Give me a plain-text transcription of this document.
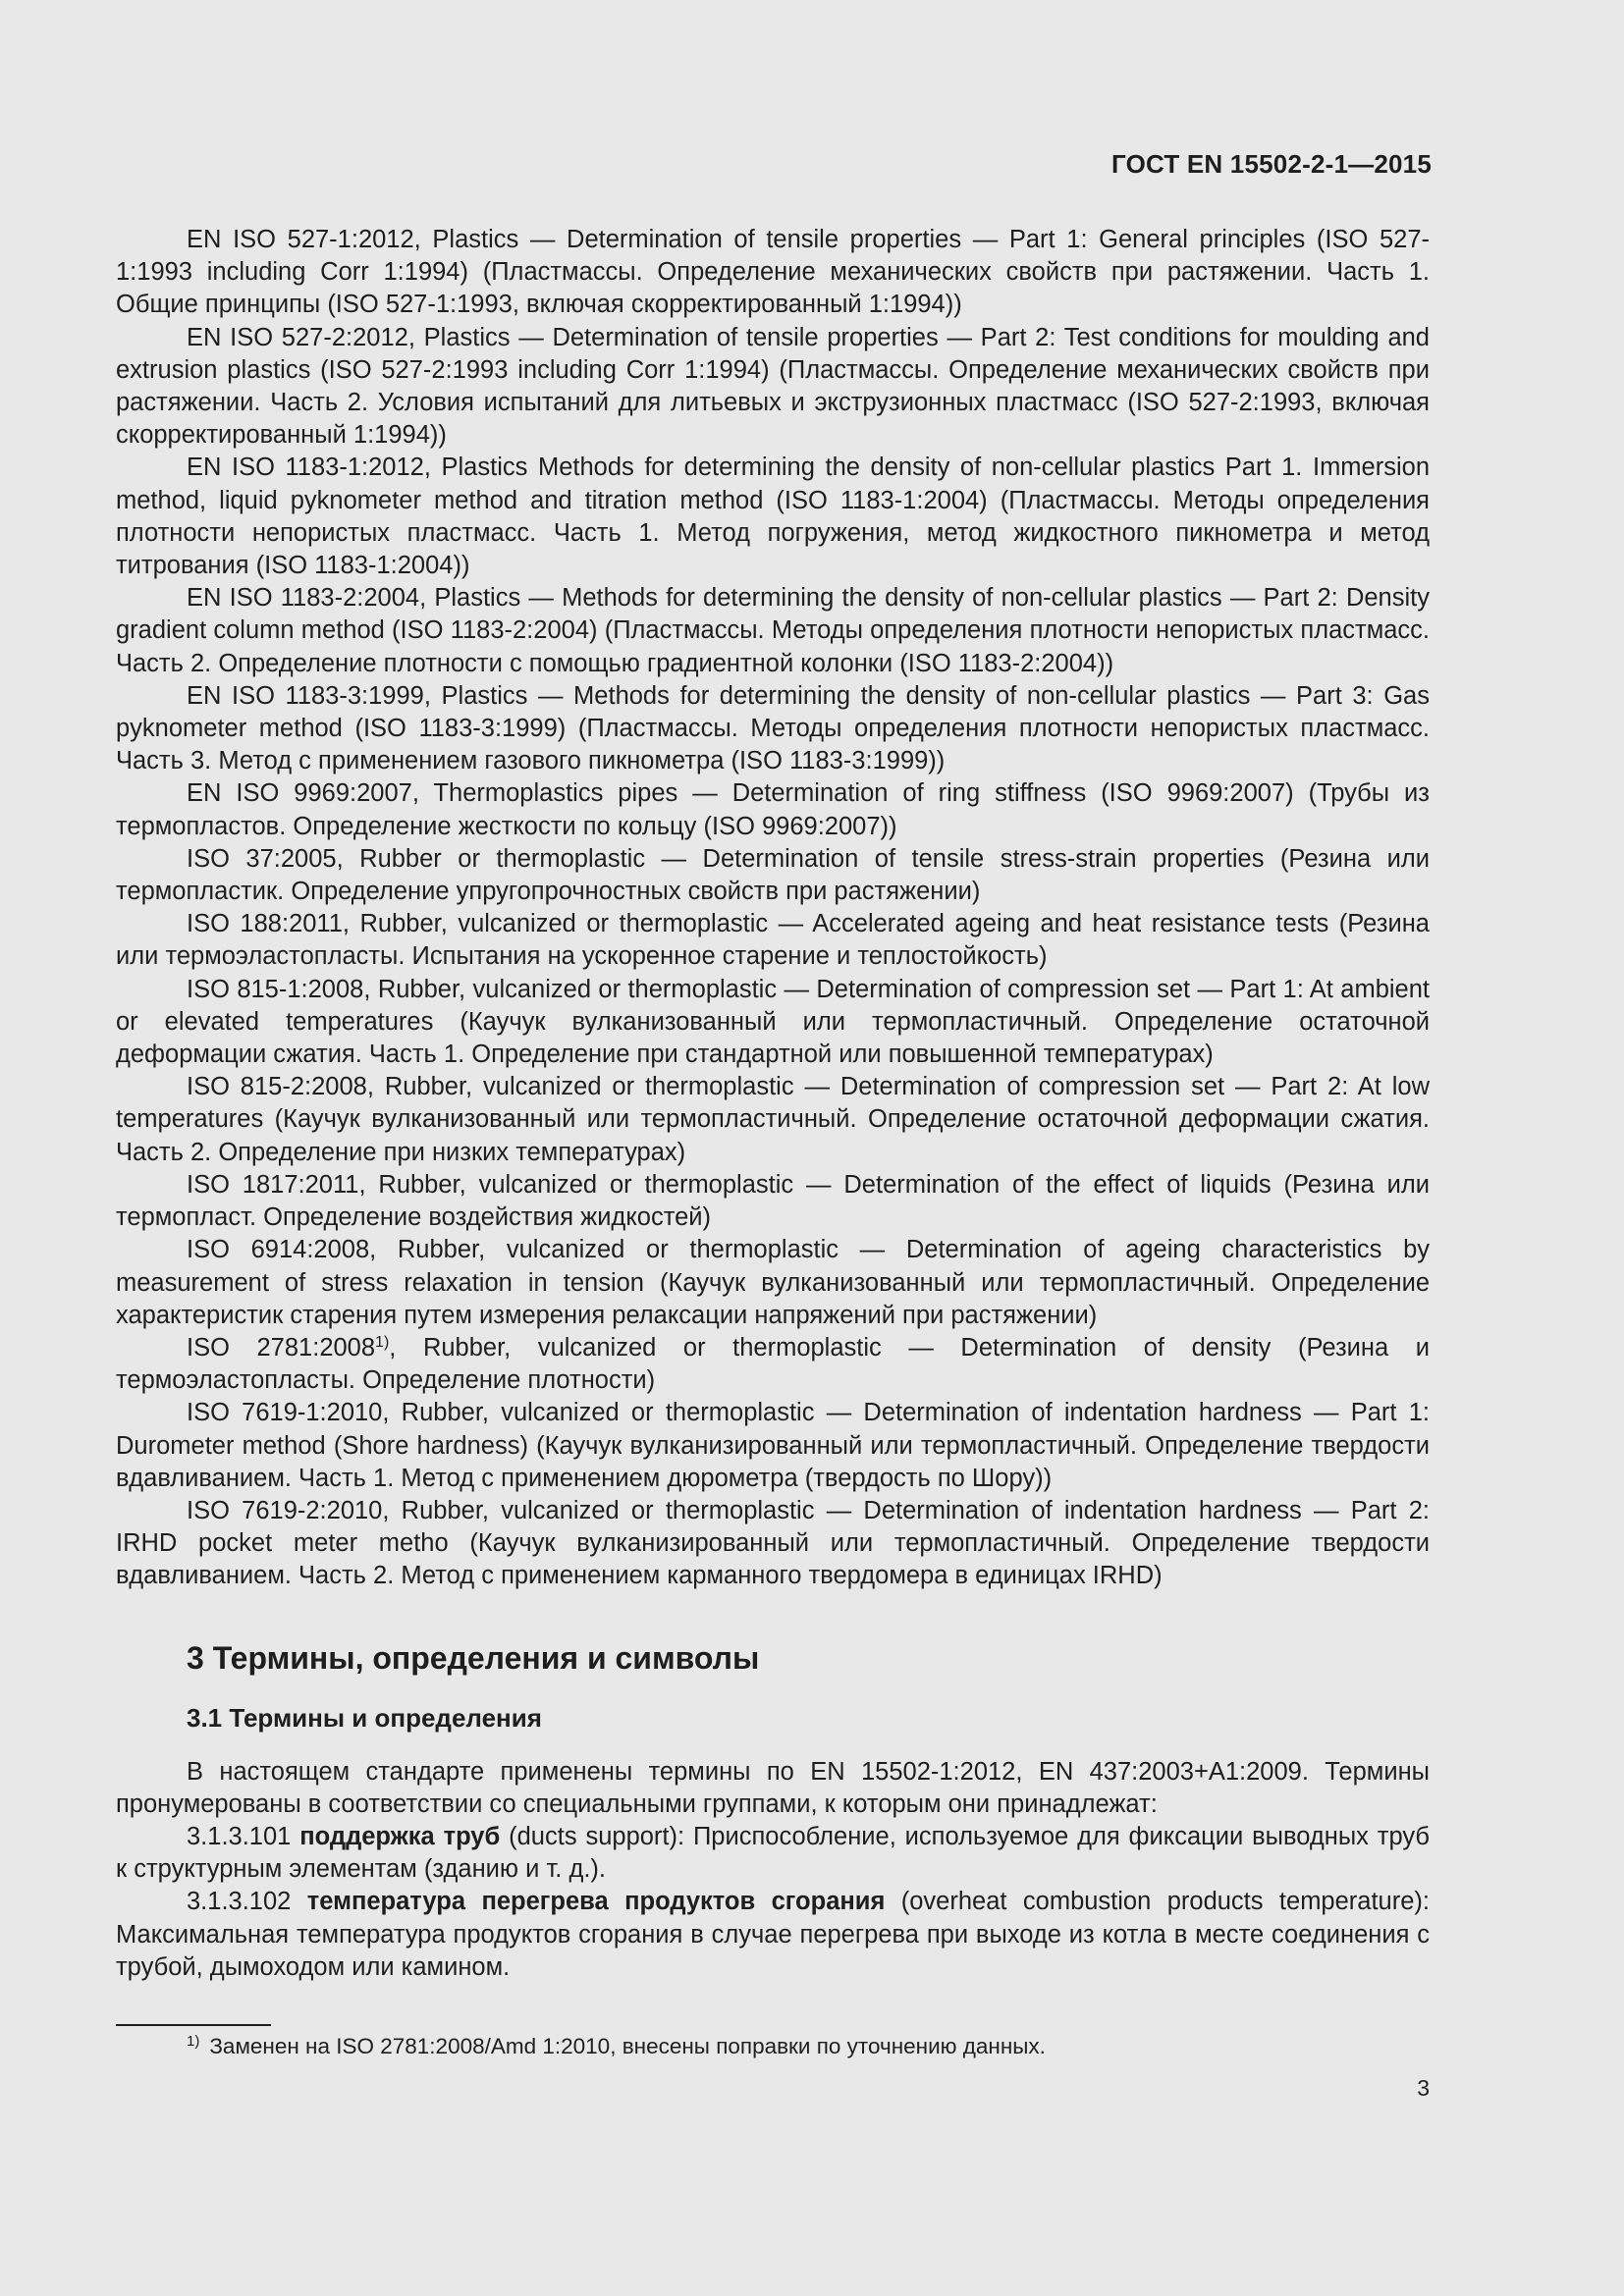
ГОСТ EN 15502-2-1—2015

EN ISO 527-1:2012, Plastics — Determination of tensile properties — Part 1: General principles (ISO 527-1:1993 including Corr 1:1994) (Пластмассы. Определение механических свойств при растяжении. Часть 1. Общие принципы (ISO 527-1:1993, включая скорректированный 1:1994))

EN ISO 527-2:2012, Plastics — Determination of tensile properties — Part 2: Test conditions for moulding and extrusion plastics (ISO 527-2:1993 including Corr 1:1994) (Пластмассы. Определение механических свойств при растяжении. Часть 2. Условия испытаний для литьевых и экструзионных пластмасс (ISO 527-2:1993, включая скорректированный 1:1994))

EN ISO 1183-1:2012, Plastics Methods for determining the density of non-cellular plastics Part 1. Immersion method, liquid pyknometer method and titration method (ISO 1183-1:2004) (Пластмассы. Методы определения плотности непористых пластмасс. Часть 1. Метод погружения, метод жидкостного пикнометра и метод титрования (ISO 1183-1:2004))

EN ISO 1183-2:2004, Plastics — Methods for determining the density of non-cellular plastics — Part 2: Density gradient column method (ISO 1183-2:2004) (Пластмассы. Методы определения плотности непористых пластмасс. Часть 2. Определение плотности с помощью градиентной колонки (ISO 1183-2:2004))

EN ISO 1183-3:1999, Plastics — Methods for determining the density of non-cellular plastics — Part 3: Gas pyknometer method (ISO 1183-3:1999) (Пластмассы. Методы определения плотности непористых пластмасс. Часть 3. Метод с применением газового пикнометра (ISO 1183-3:1999))

EN ISO 9969:2007, Thermoplastics pipes — Determination of ring stiffness (ISO 9969:2007) (Трубы из термопластов. Определение жесткости по кольцу (ISO 9969:2007))

ISO 37:2005, Rubber or thermoplastic — Determination of tensile stress-strain properties (Резина или термопластик. Определение упругопрочностных свойств при растяжении)

ISO 188:2011, Rubber, vulcanized or thermoplastic — Accelerated ageing and heat resistance tests (Резина или термоэластопласты. Испытания на ускоренное старение и теплостойкость)

ISO 815-1:2008, Rubber, vulcanized or thermoplastic — Determination of compression set — Part 1: At ambient or elevated temperatures (Каучук вулканизованный или термопластичный. Определение остаточной деформации сжатия. Часть 1. Определение при стандартной или повышенной температурах)

ISO 815-2:2008, Rubber, vulcanized or thermoplastic — Determination of compression set — Part 2: At low temperatures (Каучук вулканизованный или термопластичный. Определение остаточной деформации сжатия. Часть 2. Определение при низких температурах)

ISO 1817:2011, Rubber, vulcanized or thermoplastic — Determination of the effect of liquids (Резина или термопласт. Определение воздействия жидкостей)

ISO 6914:2008, Rubber, vulcanized or thermoplastic — Determination of ageing characteristics by measurement of stress relaxation in tension (Каучук вулканизованный или термопластичный. Определение характеристик старения путем измерения релаксации напряжений при растяжении)

ISO 2781:2008$^{1)}$, Rubber, vulcanized or thermoplastic — Determination of density (Резина и термоэластопласты. Определение плотности)

ISO 7619-1:2010, Rubber, vulcanized or thermoplastic — Determination of indentation hardness — Part 1: Durometer method (Shore hardness) (Каучук вулканизированный или термопластичный. Определение твердости вдавливанием. Часть 1. Метод с применением дюрометра (твердость по Шору))

ISO 7619-2:2010, Rubber, vulcanized or thermoplastic — Determination of indentation hardness — Part 2: IRHD pocket meter metho (Каучук вулканизированный или термопластичный. Определение твердости вдавливанием. Часть 2. Метод с применением карманного твердомера в единицах IRHD)

3 Термины, определения и символы
3.1 Термины и определения

В настоящем стандарте применены термины по EN 15502-1:2012, EN 437:2003+A1:2009. Термины пронумерованы в соответствии со специальными группами, к которым они принадлежат:

3.1.3.101 поддержка труб (ducts support): Приспособление, используемое для фиксации выводных труб к структурным элементам (зданию и т. д.).

3.1.3.102 температура перегрева продуктов сгорания (overheat combustion products temperature): Максимальная температура продуктов сгорания в случае перегрева при выходе из котла в месте соединения с трубой, дымоходом или камином.

$^{1)}$ Заменен на ISO 2781:2008/Amd 1:2010, внесены поправки по уточнению данных.
3
